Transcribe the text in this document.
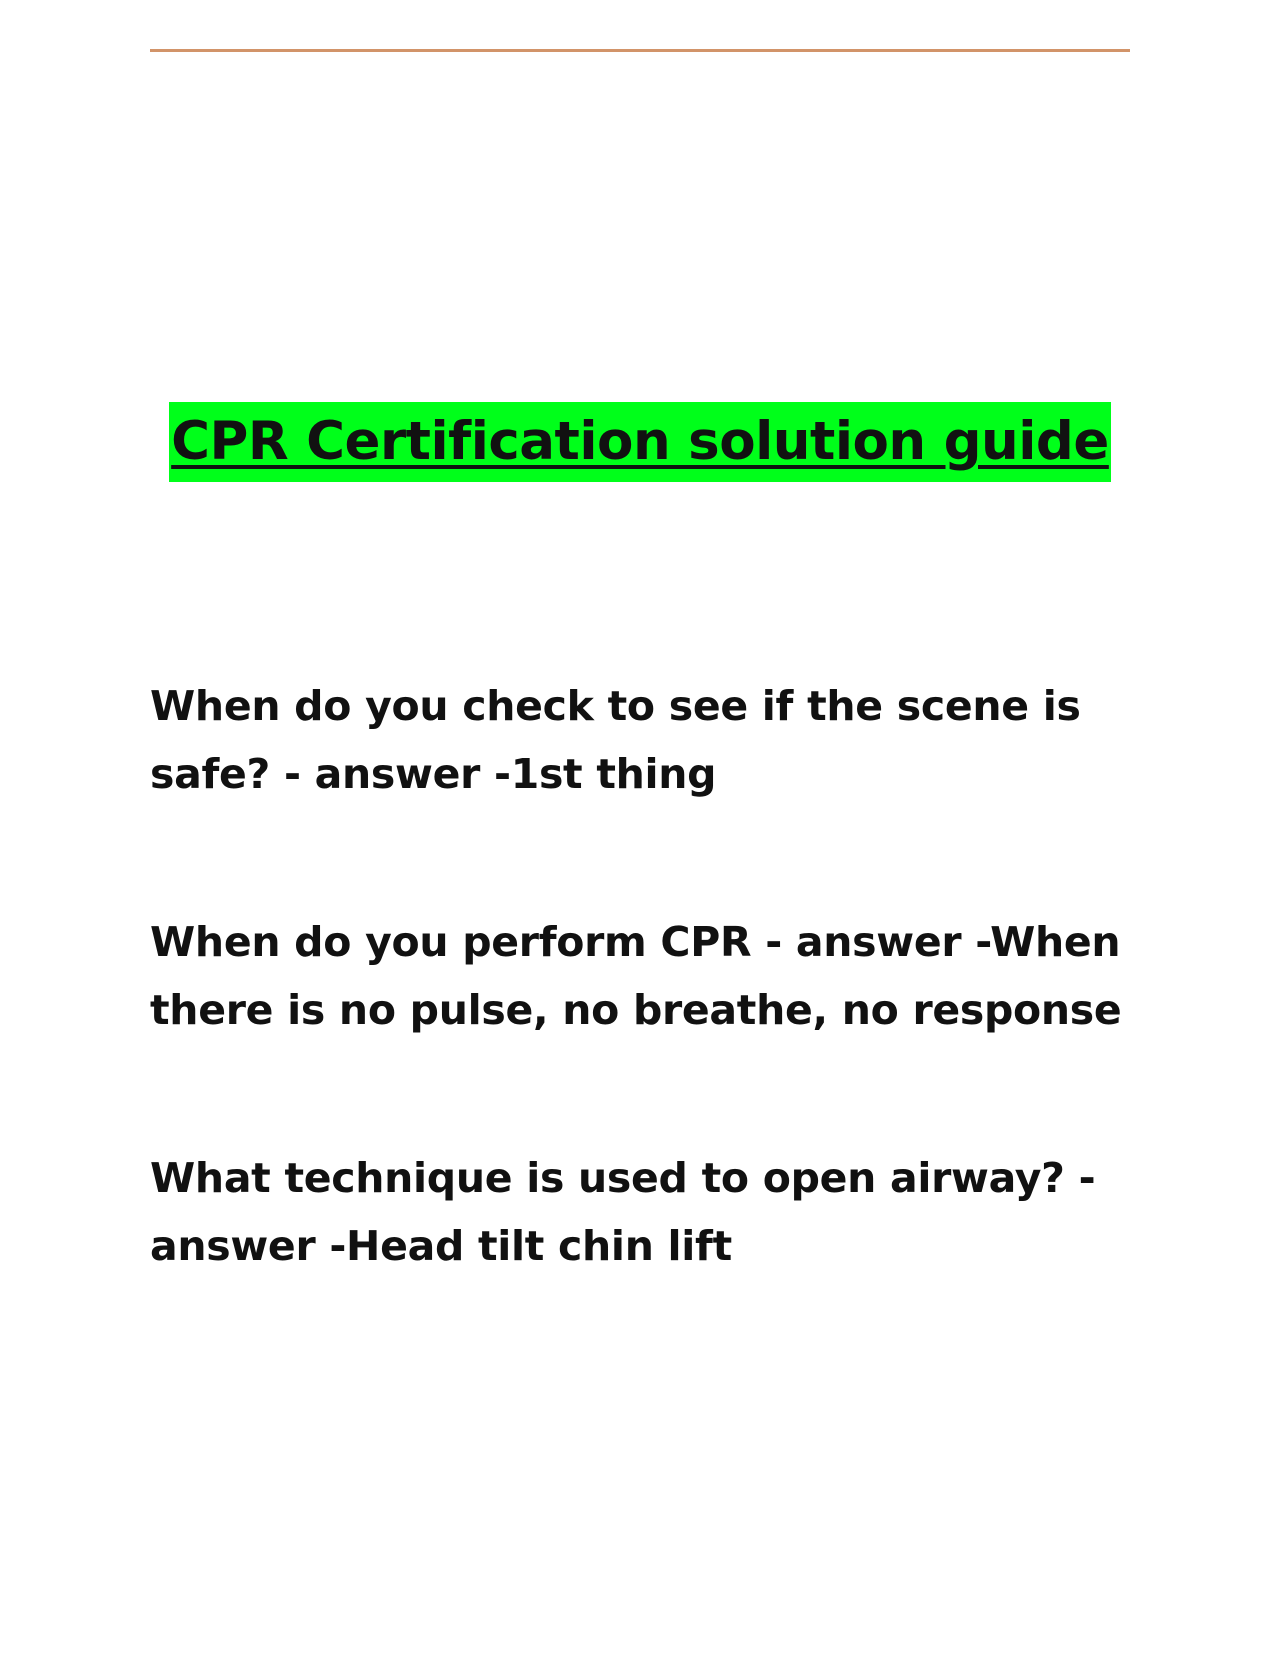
CPR Certification solution guide

When do you check to see if the scene is safe? - answer -1st thing

When do you perform CPR - answer -When there is no pulse, no breathe, no response

What technique is used to open airway? - answer -Head tilt chin lift
